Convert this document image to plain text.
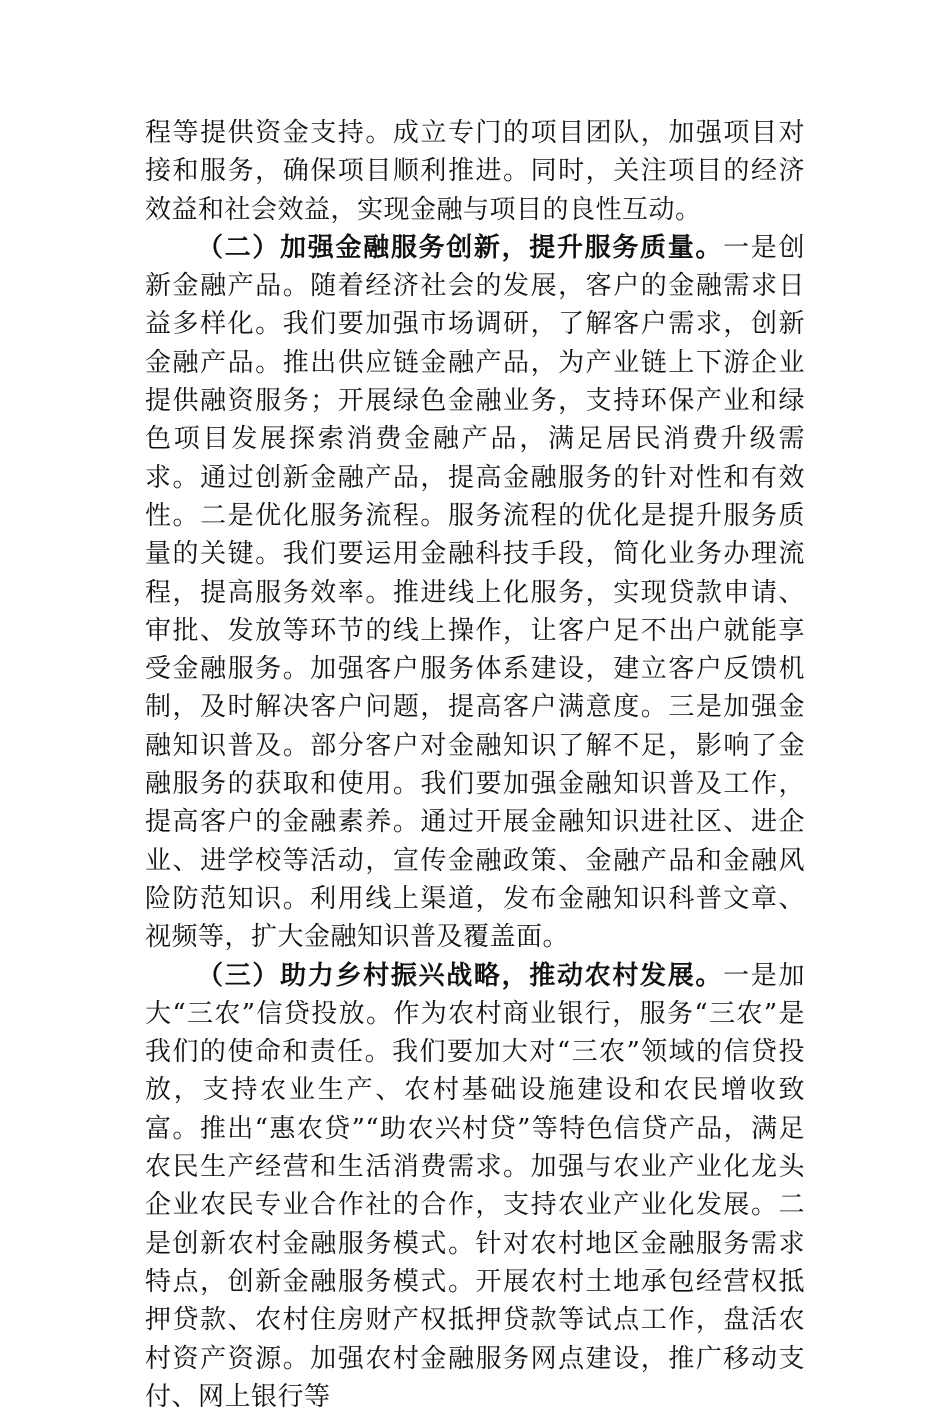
程等提供资金支持。成立专门的项目团队，加强项目对接和服务，确保项目顺利推进。同时，关注项目的经济效益和社会效益，实现金融与项目的良性互动。

（二）加强金融服务创新，提升服务质量。一是创新金融产品。随着经济社会的发展，客户的金融需求日益多样化。我们要加强市场调研，了解客户需求，创新金融产品。推出供应链金融产品，为产业链上下游企业提供融资服务；开展绿色金融业务，支持环保产业和绿色项目发展探索消费金融产品，满足居民消费升级需求。通过创新金融产品，提高金融服务的针对性和有效性。二是优化服务流程。服务流程的优化是提升服务质量的关键。我们要运用金融科技手段，简化业务办理流程，提高服务效率。推进线上化服务，实现贷款申请、审批、发放等环节的线上操作，让客户足不出户就能享受金融服务。加强客户服务体系建设，建立客户反馈机制，及时解决客户问题，提高客户满意度。三是加强金融知识普及。部分客户对金融知识了解不足，影响了金融服务的获取和使用。我们要加强金融知识普及工作，提高客户的金融素养。通过开展金融知识进社区、进企业、进学校等活动，宣传金融政策、金融产品和金融风险防范知识。利用线上渠道，发布金融知识科普文章、视频等，扩大金融知识普及覆盖面。

（三）助力乡村振兴战略，推动农村发展。一是加大“三农”信贷投放。作为农村商业银行，服务“三农”是我们的使命和责任。我们要加大对“三农”领域的信贷投放，支持农业生产、农村基础设施建设和农民增收致富。推出“惠农贷”“助农兴村贷”等特色信贷产品，满足农民生产经营和生活消费需求。加强与农业产业化龙头企业农民专业合作社的合作，支持农业产业化发展。二是创新农村金融服务模式。针对农村地区金融服务需求特点，创新金融服务模式。开展农村土地承包经营权抵押贷款、农村住房财产权抵押贷款等试点工作，盘活农村资产资源。加强农村金融服务网点建设，推广移动支付、网上银行等
